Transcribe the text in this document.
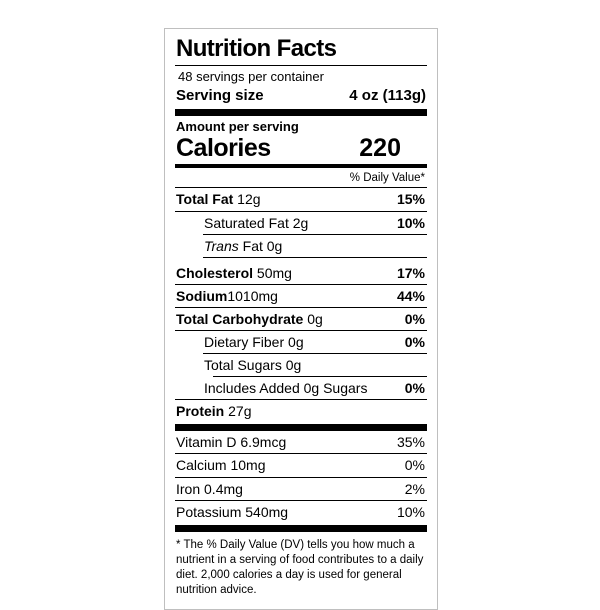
Nutrition Facts
48 servings per container
Serving size	4 oz (113g)
Amount per serving
Calories	220
% Daily Value*
Total Fat 12g	15%
Saturated Fat 2g	10%
Trans Fat 0g
Cholesterol 50mg	17%
Sodium1010mg	44%
Total Carbohydrate 0g	0%
Dietary Fiber 0g	0%
Total Sugars 0g
Includes Added 0g Sugars	0%
Protein 27g
Vitamin D 6.9mcg	35%
Calcium 10mg	0%
Iron 0.4mg	2%
Potassium 540mg	10%
* The % Daily Value (DV) tells you how much a nutrient in a serving of food contributes to a daily diet. 2,000 calories a day is used for general nutrition advice.
